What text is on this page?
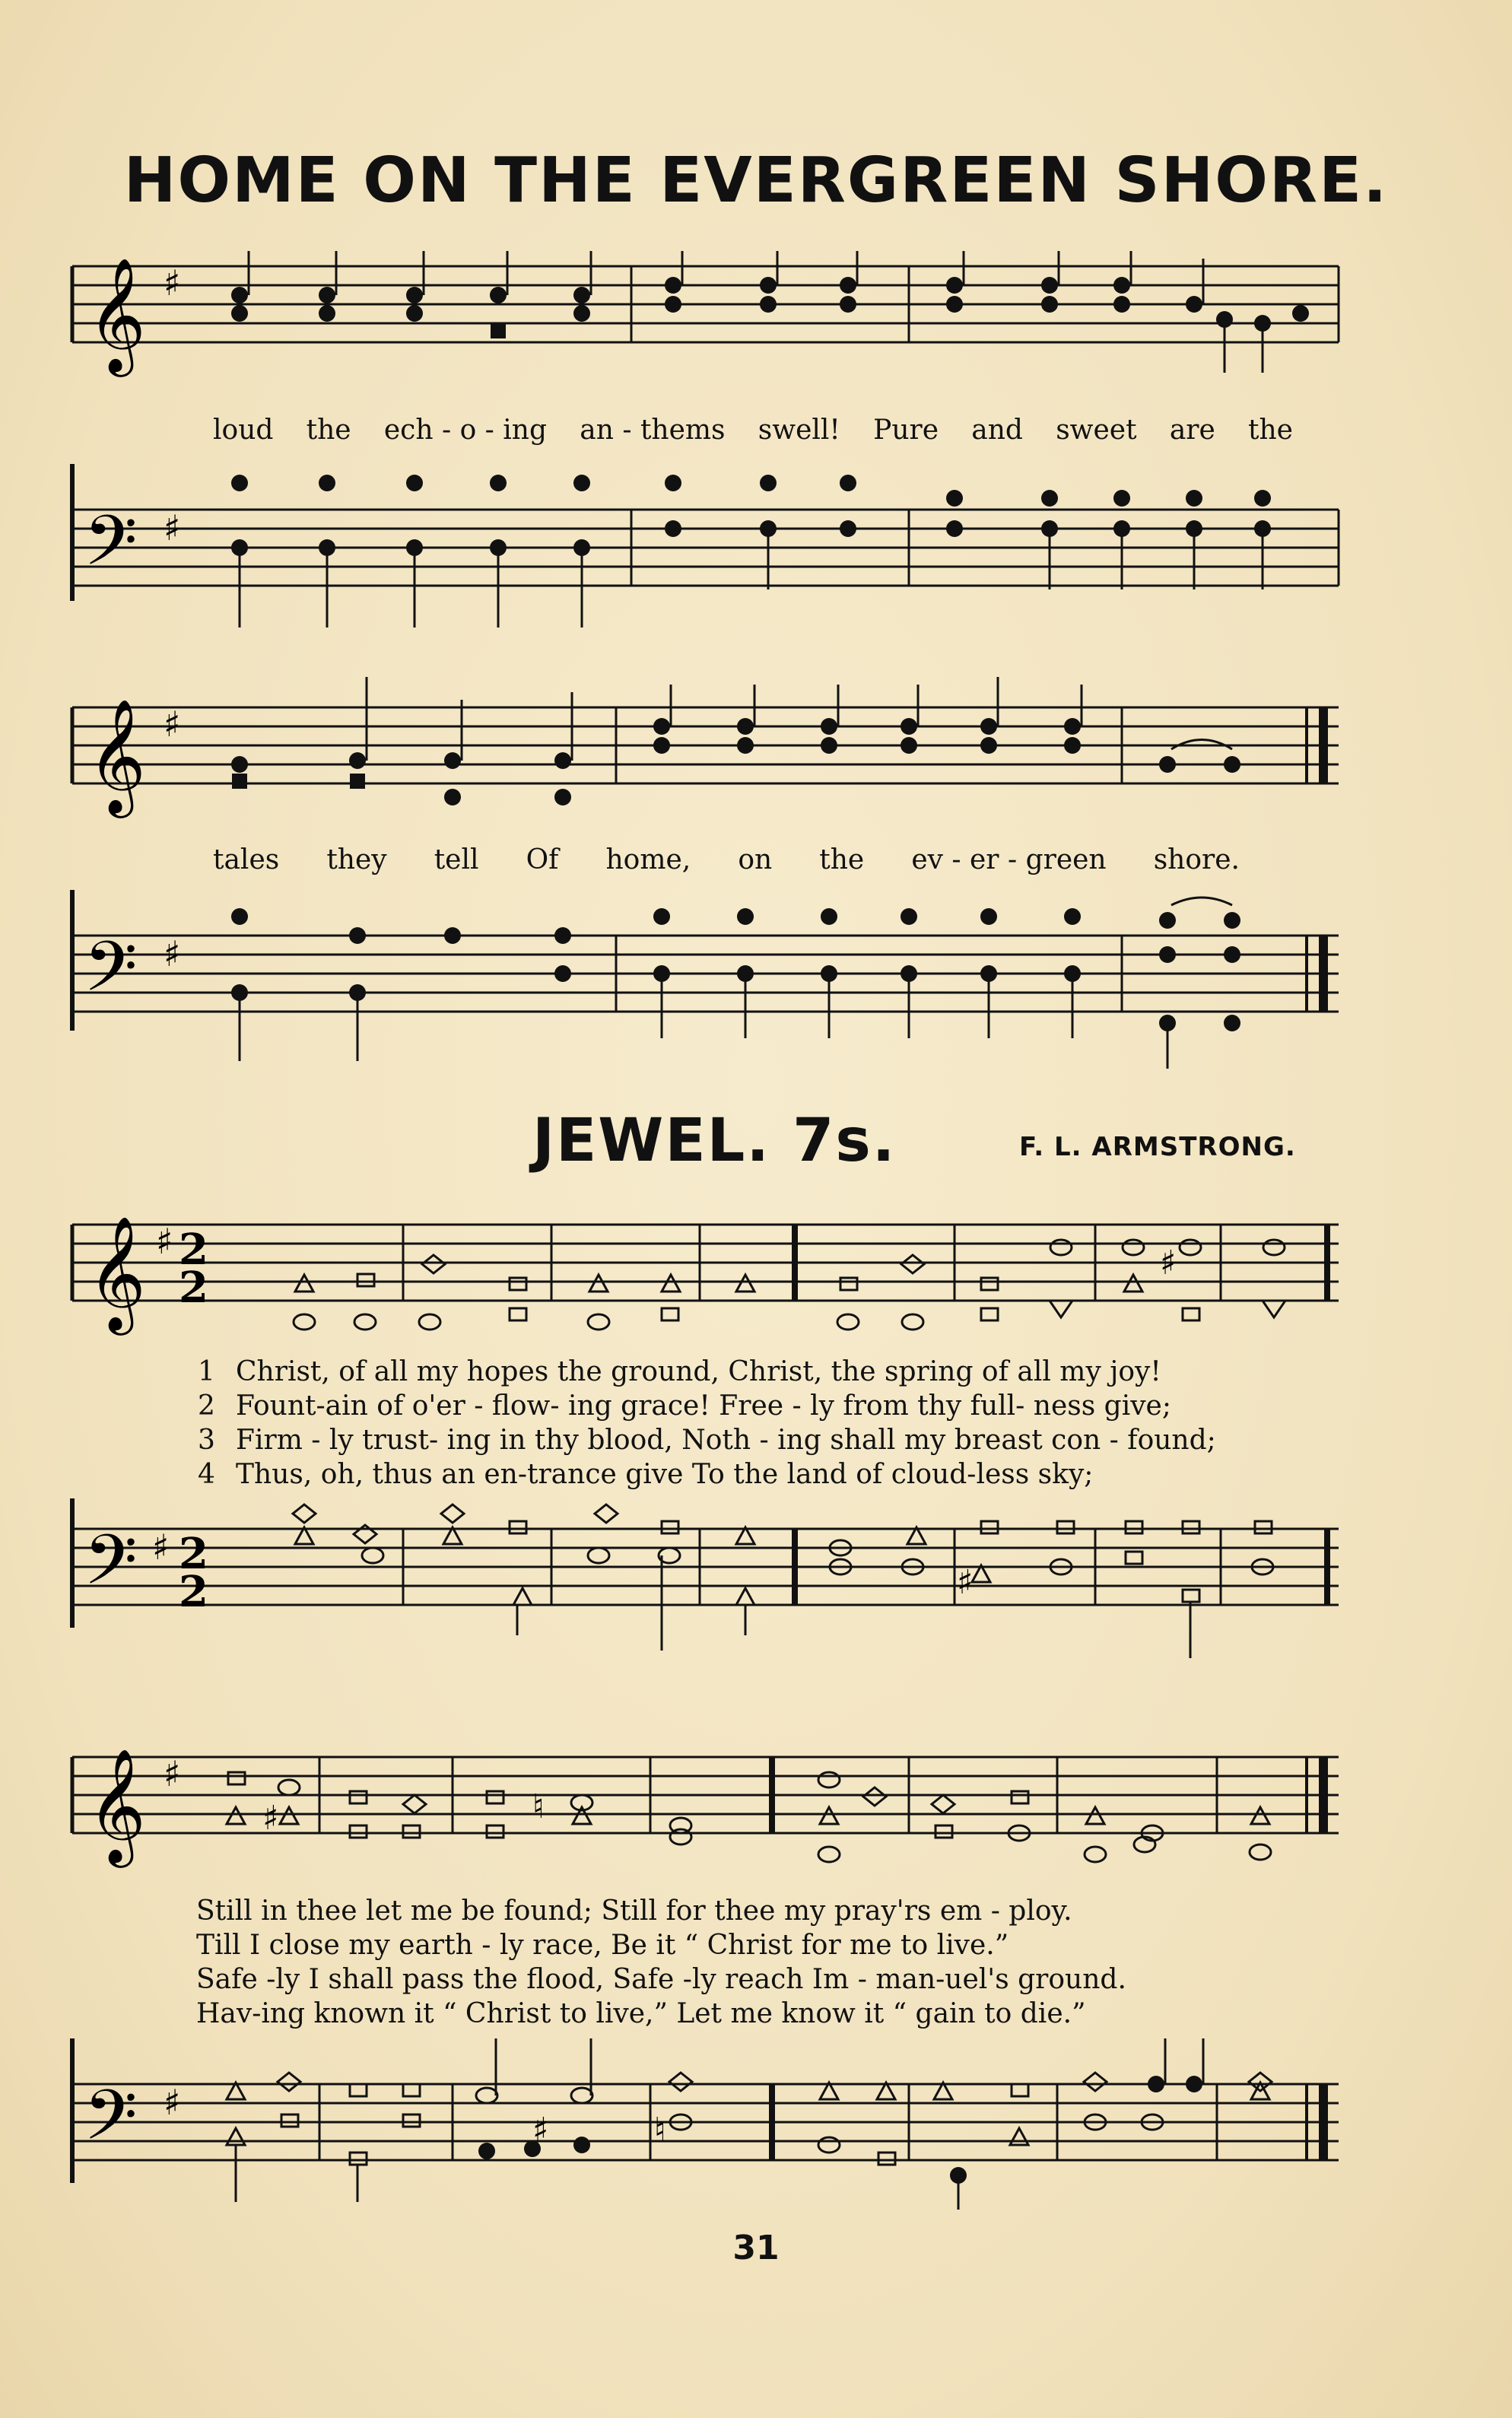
HOME ON THE EVERGREEN SHORE.
𝄞 ♯
loud the ech - o - ing an - thems swell! Pure and sweet are the
𝄢 ♯
𝄞 ♯
tales they tell Of home, on the ev - er - green shore.
𝄢 ♯
JEWEL. 7s.	F. L. ARMSTRONG.
𝄞 ♯ 2
2	♯
1 Christ, of all my hopes the ground, Christ, the spring of all my joy!
2 Fount-ain of o'er - flow- ing grace! Free - ly from thy full- ness give;
3 Firm - ly trust- ing in thy blood, Noth - ing shall my breast con - found;
4 Thus, oh, thus an en-trance give To the land of cloud-less sky;
𝄢 ♯ 2
2	♯
𝄞 ♯
♯	♮
Still in thee let me be found; Still for thee my pray'rs em - ploy.
Till I close my earth - ly race, Be it “ Christ for me to live.”
Safe -ly I shall pass the flood, Safe -ly reach Im - man-uel's ground.
Hav-ing known it “ Christ to live,” Let me know it “ gain to die.”
𝄢 ♯
♯	♮
31
